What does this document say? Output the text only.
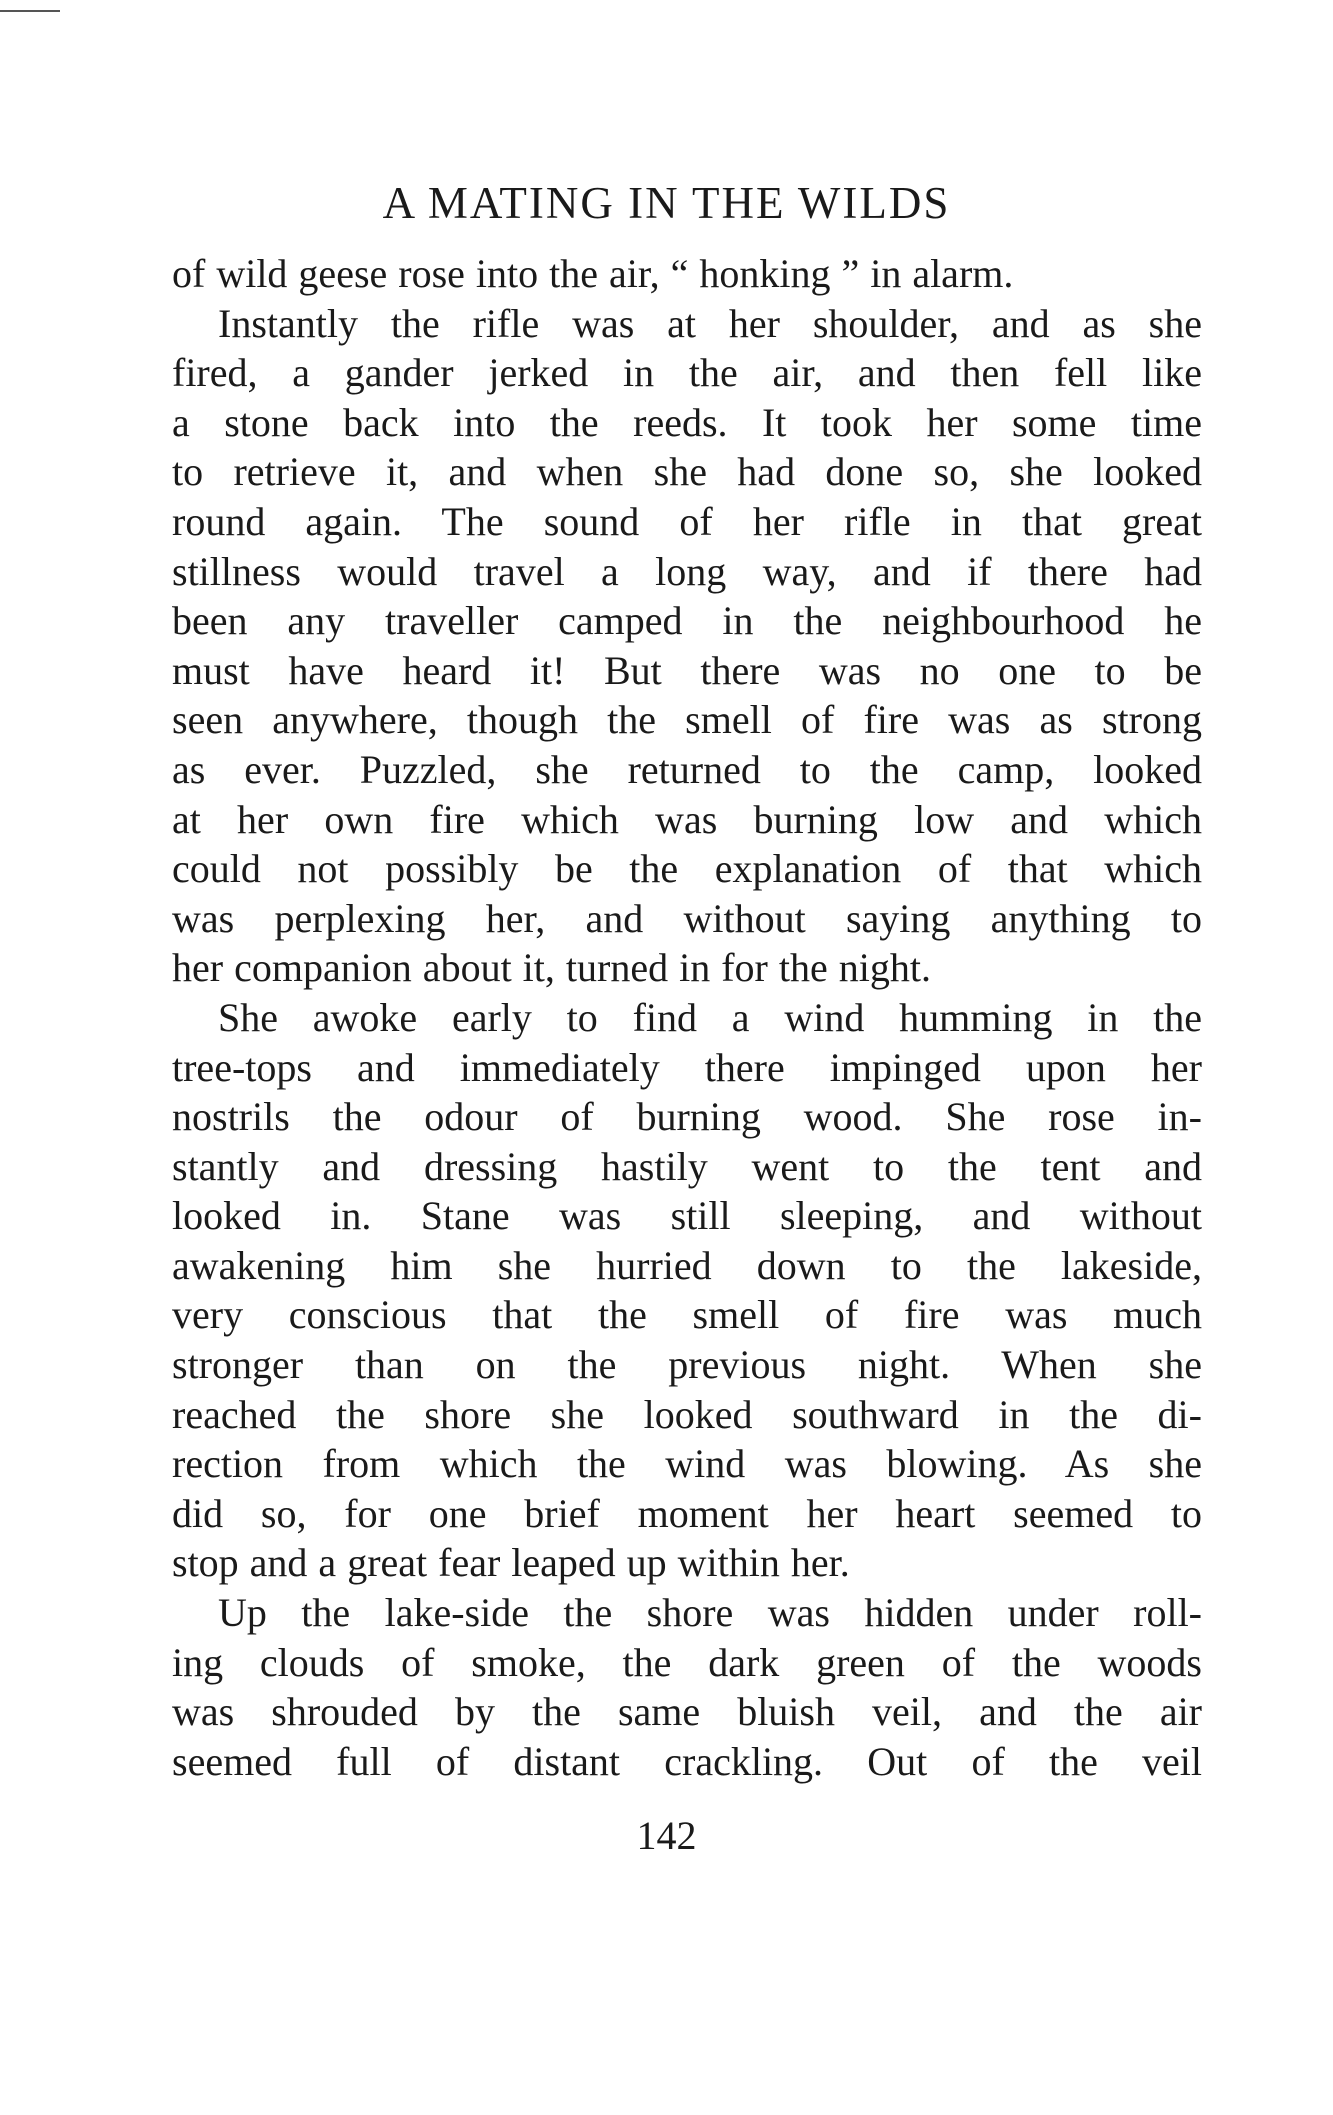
A MATING IN THE WILDS
of wild geese rose into the air, “ honking ” in alarm.
Instantly the rifle was at her shoulder, and as she
fired, a gander jerked in the air, and then fell like
a stone back into the reeds. It took her some time
to retrieve it, and when she had done so, she looked
round again. The sound of her rifle in that great
stillness would travel a long way, and if there had
been any traveller camped in the neighbourhood he
must have heard it! But there was no one to be
seen anywhere, though the smell of fire was as strong
as ever. Puzzled, she returned to the camp, looked
at her own fire which was burning low and which
could not possibly be the explanation of that which
was perplexing her, and without saying anything to
her companion about it, turned in for the night.
She awoke early to find a wind humming in the
tree-tops and immediately there impinged upon her
nostrils the odour of burning wood. She rose in-
stantly and dressing hastily went to the tent and
looked in. Stane was still sleeping, and without
awakening him she hurried down to the lakeside,
very conscious that the smell of fire was much
stronger than on the previous night. When she
reached the shore she looked southward in the di-
rection from which the wind was blowing. As she
did so, for one brief moment her heart seemed to
stop and a great fear leaped up within her.
Up the lake-side the shore was hidden under roll-
ing clouds of smoke, the dark green of the woods
was shrouded by the same bluish veil, and the air
seemed full of distant crackling. Out of the veil
142
